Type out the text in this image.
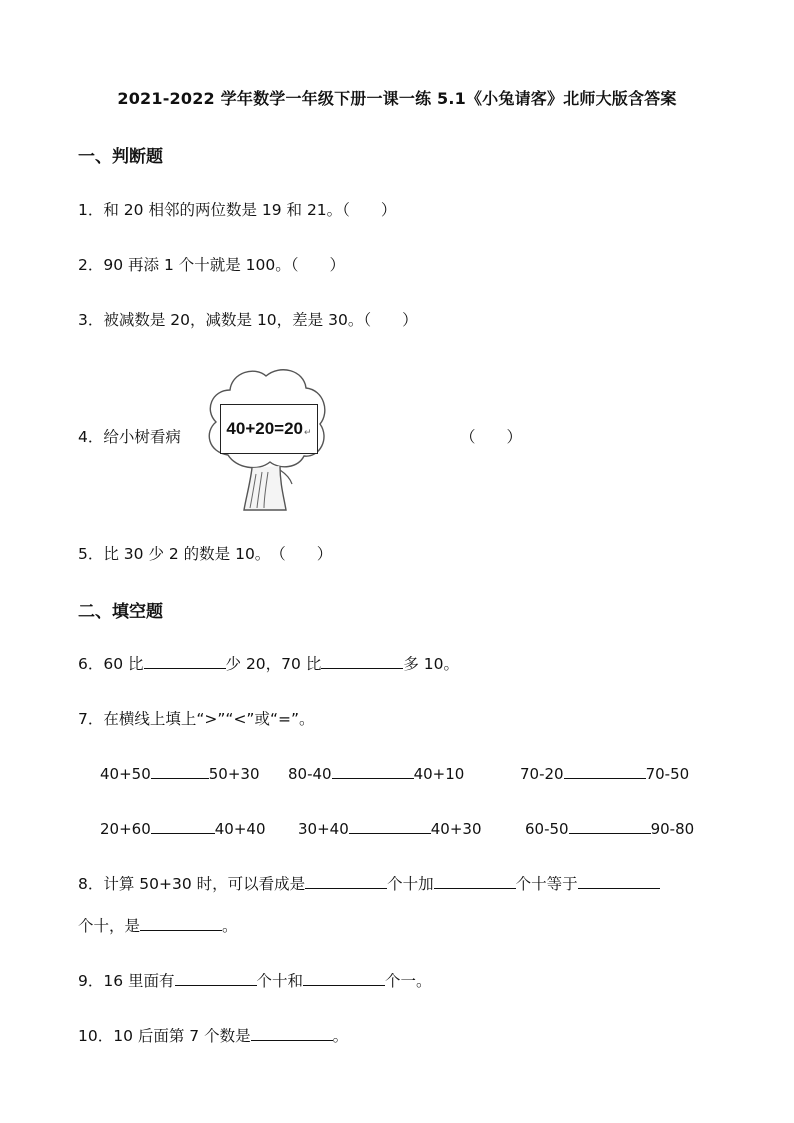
2021-2022 学年数学一年级下册一课一练 5.1《小兔请客》北师大版含答案
一、判断题
1．和 20 相邻的两位数是 19 和 21。（　　）
2．90 再添 1 个十就是 100。（　　）
3．被减数是 20，减数是 10，差是 30。（　　）
4．给小树看病	40+20=20 ↵	（　　）
5．比 30 少 2 的数是 10。　（　　）
二、填空题
6．60 比	少 20，70 比	多 10。
7．在横线上填上“>”“<”或“=”。
40+50	50+30 80-40	40+10	70-20	70-50
20+60	40+40 30+40	40+30	60-50	90-80
8．计算 50+30 时，可以看成是	个十加	个十等于
个十，是	。
9．16 里面有	个十和	个一。
10．10 后面第 7 个数是	。
